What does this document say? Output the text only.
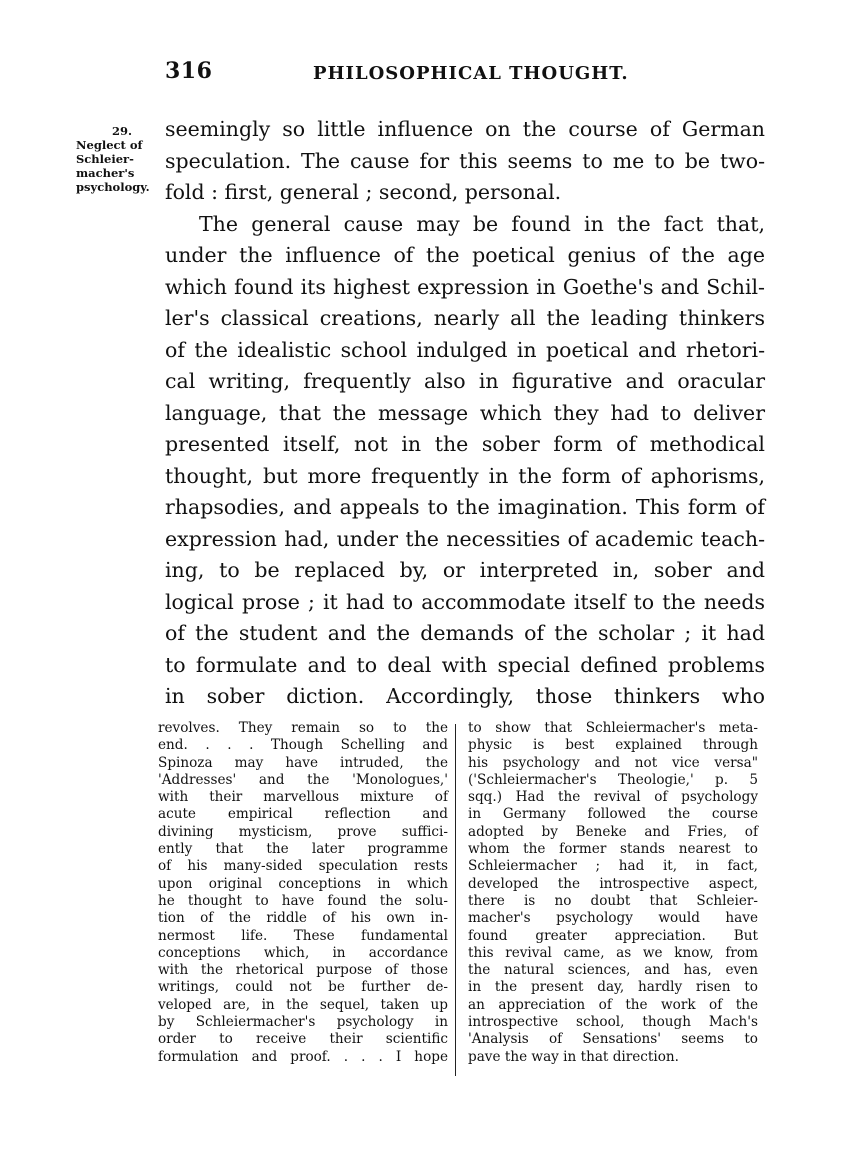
316	PHILOSOPHICAL THOUGHT.
29.
Neglect of
Schleier-
macher's
psychology.
seemingly so little influence on the course of German
speculation. The cause for this seems to me to be two-
fold : first, general ; second, personal.
The general cause may be found in the fact that,
under the influence of the poetical genius of the age
which found its highest expression in Goethe's and Schil-
ler's classical creations, nearly all the leading thinkers
of the idealistic school indulged in poetical and rhetori-
cal writing, frequently also in figurative and oracular
language, that the message which they had to deliver
presented itself, not in the sober form of methodical
thought, but more frequently in the form of aphorisms,
rhapsodies, and appeals to the imagination. This form of
expression had, under the necessities of academic teach-
ing, to be replaced by, or interpreted in, sober and
logical prose ; it had to accommodate itself to the needs
of the student and the demands of the scholar ; it had
to formulate and to deal with special defined problems
in sober diction. Accordingly, those thinkers who
revolves. They remain so to the
end. . . . Though Schelling and
Spinoza may have intruded, the
'Addresses' and the 'Monologues,'
with their marvellous mixture of
acute empirical reflection and
divining mysticism, prove suffici-
ently that the later programme
of his many-sided speculation rests
upon original conceptions in which
he thought to have found the solu-
tion of the riddle of his own in-
nermost life. These fundamental
conceptions which, in accordance
with the rhetorical purpose of those
writings, could not be further de-
veloped are, in the sequel, taken up
by Schleiermacher's psychology in
order to receive their scientific
formulation and proof. . . . I hope
to show that Schleiermacher's meta-
physic is best explained through
his psychology and not vice versa"
('Schleiermacher's Theologie,' p. 5
sqq.) Had the revival of psychology
in Germany followed the course
adopted by Beneke and Fries, of
whom the former stands nearest to
Schleiermacher ; had it, in fact,
developed the introspective aspect,
there is no doubt that Schleier-
macher's psychology would have
found greater appreciation. But
this revival came, as we know, from
the natural sciences, and has, even
in the present day, hardly risen to
an appreciation of the work of the
introspective school, though Mach's
'Analysis of Sensations' seems to
pave the way in that direction.
